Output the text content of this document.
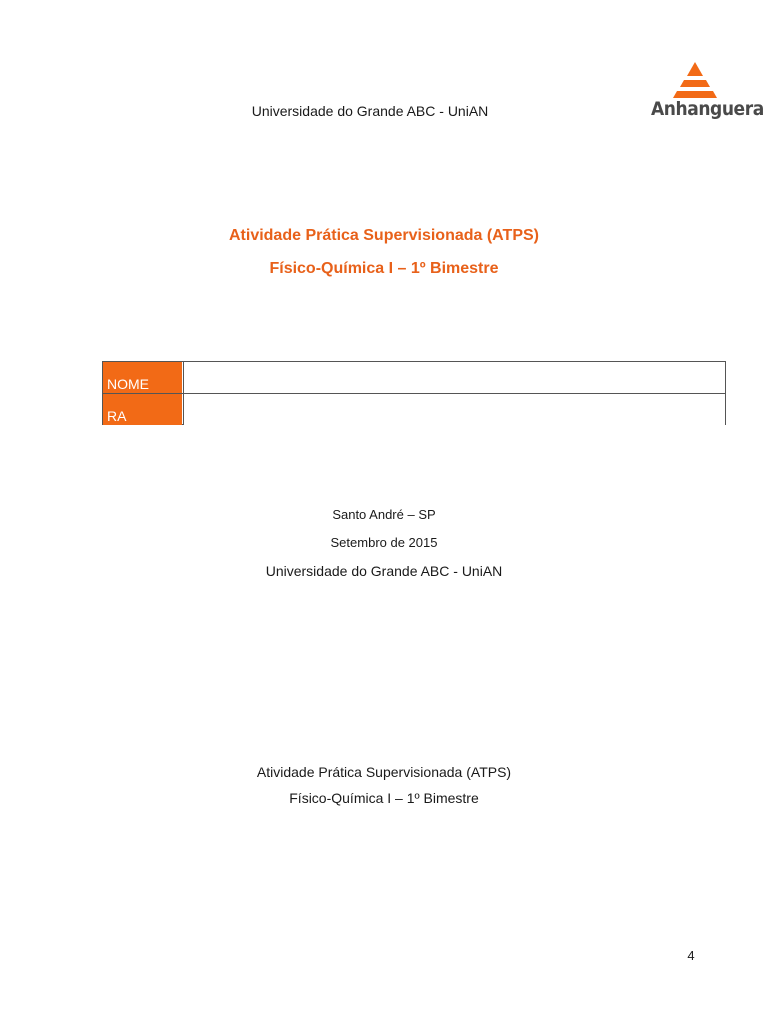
Universidade do Grande ABC - UniAN	Anhanguera
Atividade Prática Supervisionada (ATPS)
Físico-Química I – 1º Bimestre
NOME
RA
Santo André – SP
Setembro de 2015
Universidade do Grande ABC - UniAN
Atividade Prática Supervisionada (ATPS)
Físico-Química I – 1º Bimestre
4
